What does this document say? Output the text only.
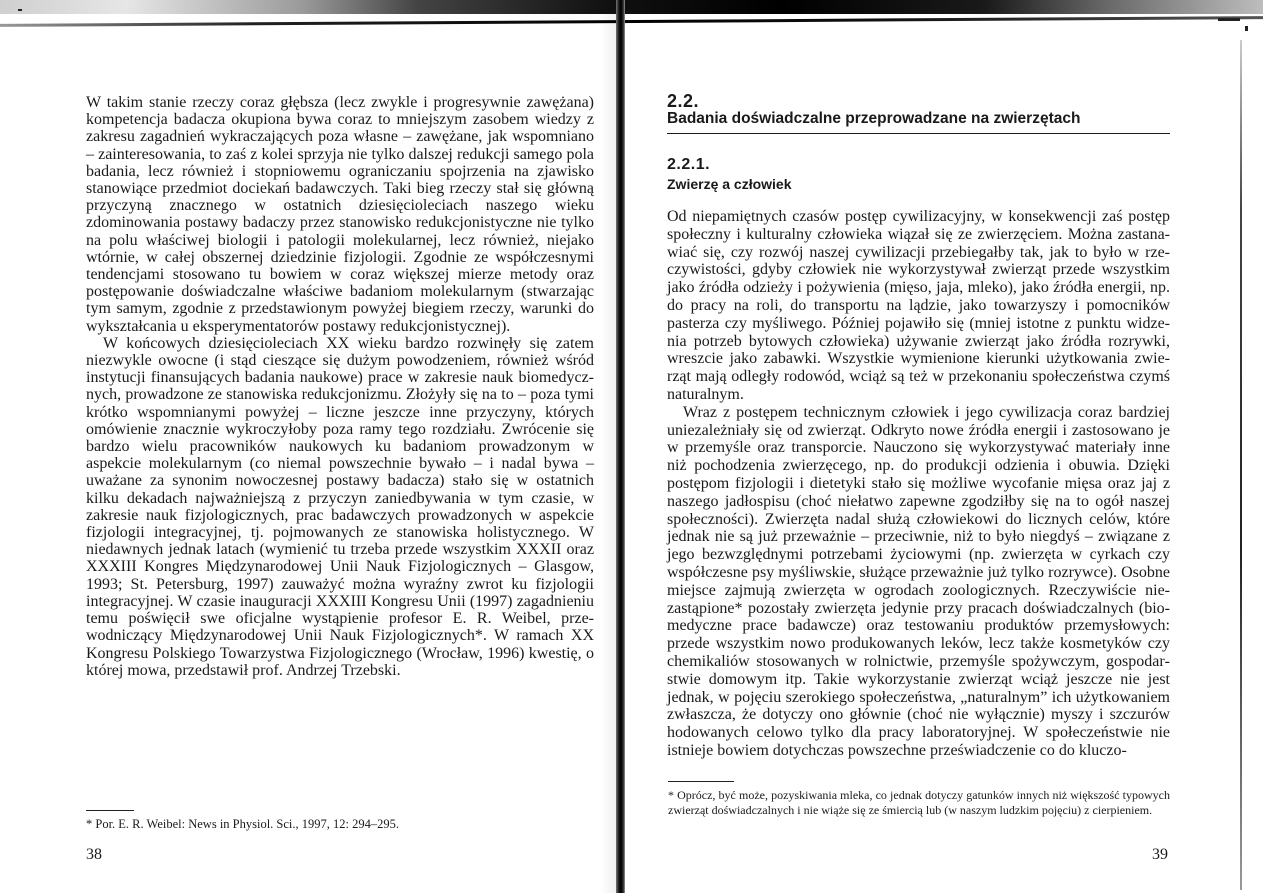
W takim stanie rzeczy coraz głębsza (lecz zwykle i progresywnie zawężana) kompetencja badacza okupiona bywa coraz to mniejszym zasobem wiedzy z zakresu zagadnień wykraczających poza własne – zawężane, jak wspomniano – zainteresowania, to zaś z kolei sprzyja nie tylko dalszej redukcji samego pola badania, lecz również i stopniowemu ograniczaniu spojrzenia na zjawisko stanowiące przedmiot dociekań badawczych. Taki bieg rzeczy stał się główną przyczyną znacznego w ostatnich dziesięcioleciach naszego wieku zdominowania postawy badaczy przez stanowisko redukcjonistyczne nie tylko na polu właściwej biologii i patologii molekularnej, lecz również, niejako wtórnie, w całej obszernej dziedzinie fizjologii. Zgodnie ze współczesnymi tendencjami stosowano tu bowiem w coraz większej mierze metody oraz postępowanie doświadczalne właściwe badaniom molekularnym (stwarzając tym samym, zgodnie z przedstawionym powyżej biegiem rzeczy, warunki do wykształcania u eksperymentatorów postawy redukcjonistycznej).

W końcowych dziesięcioleciach XX wieku bardzo rozwinęły się zatem niezwykle owocne (i stąd cieszące się dużym powodzeniem, również wśród instytucji finansujących badania naukowe) prace w zakresie nauk biomedycznych, prowadzone ze stanowiska redukcjonizmu. Złożyły się na to – poza tymi krótko wspomnianymi powyżej – liczne jeszcze inne przyczyny, których omówienie znacznie wykroczyłoby poza ramy tego rozdziału. Zwrócenie się bardzo wielu pracowników naukowych ku badaniom prowadzonym w aspekcie molekularnym (co niemal powszechnie bywało – i nadal bywa – uważane za synonim nowoczesnej postawy badacza) stało się w ostatnich kilku dekadach najważniejszą z przyczyn zaniedbywania w tym czasie, w zakresie nauk fizjologicznych, prac badawczych prowadzonych w aspekcie fizjologii integracyjnej, tj. pojmowanych ze stanowiska holistycznego. W niedawnych jednak latach (wymienić tu trzeba przede wszystkim XXXII oraz XXXIII Kongres Międzynarodowej Unii Nauk Fizjologicznych – Glasgow, 1993; St. Petersburg, 1997) zauważyć można wyraźny zwrot ku fizjologii integracyjnej. W czasie inauguracji XXXIII Kongresu Unii (1997) zagadnieniu temu poświęcił swe oficjalne wystąpienie profesor E. R. Weibel, przewodniczący Międzynarodowej Unii Nauk Fizjologicznych*. W ramach XX Kongresu Polskiego Towarzystwa Fizjologicznego (Wrocław, 1996) kwestię, o której mowa, przedstawił prof. Andrzej Trzebski.

* Por. E. R. Weibel: News in Physiol. Sci., 1997, 12: 294–295.

38

2.2.

Badania doświadczalne przeprowadzane na zwierzętach

2.2.1.

Zwierzę a człowiek

Od niepamiętnych czasów postęp cywilizacyjny, w konsekwencji zaś postęp społeczny i kulturalny człowieka wiązał się ze zwierzęciem. Można zastanawiać się, czy rozwój naszej cywilizacji przebiegałby tak, jak to było w rzeczywistości, gdyby człowiek nie wykorzystywał zwierząt przede wszystkim jako źródła odzieży i pożywienia (mięso, jaja, mleko), jako źródła energii, np. do pracy na roli, do transportu na lądzie, jako towarzyszy i pomocników pasterza czy myśliwego. Później pojawiło się (mniej istotne z punktu widzenia potrzeb bytowych człowieka) używanie zwierząt jako źródła rozrywki, wreszcie jako zabawki. Wszystkie wymienione kierunki użytkowania zwierząt mają odległy rodowód, wciąż są też w przekonaniu społeczeństwa czymś naturalnym.

Wraz z postępem technicznym człowiek i jego cywilizacja coraz bardziej uniezależniały się od zwierząt. Odkryto nowe źródła energii i zastosowano je w przemyśle oraz transporcie. Nauczono się wykorzystywać materiały inne niż pochodzenia zwierzęcego, np. do produkcji odzienia i obuwia. Dzięki postępom fizjologii i dietetyki stało się możliwe wycofanie mięsa oraz jaj z naszego jadłospisu (choć niełatwo zapewne zgodziłby się na to ogół naszej społeczności). Zwierzęta nadal służą człowiekowi do licznych celów, które jednak nie są już przeważnie – przeciwnie, niż to było niegdyś – związane z jego bezwzględnymi potrzebami życiowymi (np. zwierzęta w cyrkach czy współczesne psy myśliwskie, służące przeważnie już tylko rozrywce). Osobne miejsce zajmują zwierzęta w ogrodach zoologicznych. Rzeczywiście niezastąpione* pozostały zwierzęta jedynie przy pracach doświadczalnych (biomedyczne prace badawcze) oraz testowaniu produktów przemysłowych: przede wszystkim nowo produkowanych leków, lecz także kosmetyków czy chemikaliów stosowanych w rolnictwie, przemyśle spożywczym, gospodarstwie domowym itp. Takie wykorzystanie zwierząt wciąż jeszcze nie jest jednak, w pojęciu szerokiego społeczeństwa, „naturalnym” ich użytkowaniem zwłaszcza, że dotyczy ono głównie (choć nie wyłącznie) myszy i szczurów hodowanych celowo tylko dla pracy laboratoryjnej. W społeczeństwie nie istnieje bowiem dotychczas powszechne przeświadczenie co do kluczo-

* Oprócz, być może, pozyskiwania mleka, co jednak dotyczy gatunków innych niż większość typowych zwierząt doświadczalnych i nie wiąże się ze śmiercią lub (w naszym ludzkim pojęciu) z cierpieniem.

39
